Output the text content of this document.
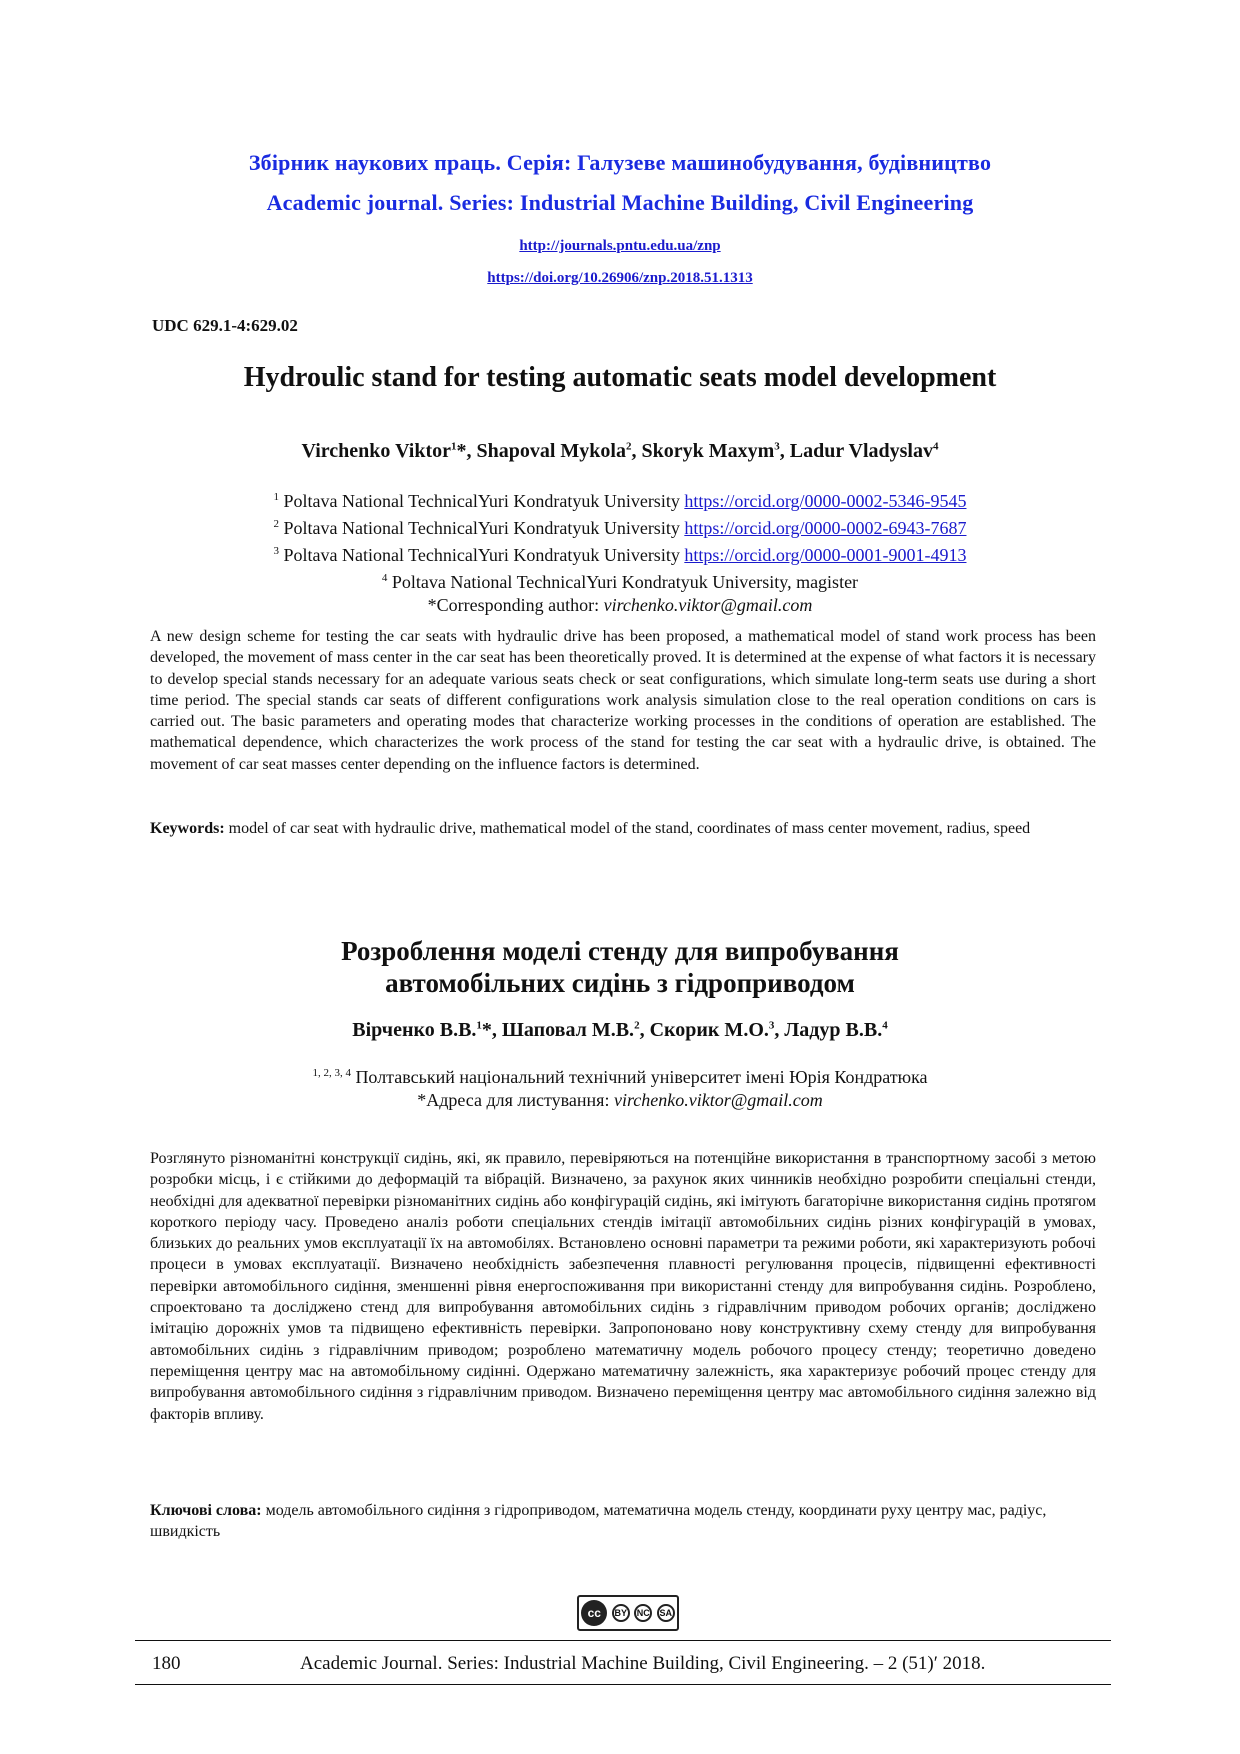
Збірник наукових праць. Серія: Галузеве машинобудування, будівництво
Academic journal. Series: Industrial Machine Building, Civil Engineering
http://journals.pntu.edu.ua/znp
https://doi.org/10.26906/znp.2018.51.1313
UDC 629.1-4:629.02
Hydroulic stand for testing automatic seats model development
Virchenko Viktor$^1$*, Shapoval Mykola$^2$, Skoryk Maxym$^3$, Ladur Vladyslav$^4$
$^1$ Poltava National TechnicalYuri Kondratyuk University https://orcid.org/0000-0002-5346-9545
$^2$ Poltava National TechnicalYuri Kondratyuk University https://orcid.org/0000-0002-6943-7687
$^3$ Poltava National TechnicalYuri Kondratyuk University https://orcid.org/0000-0001-9001-4913
$^4$ Poltava National TechnicalYuri Kondratyuk University, magister
*Corresponding author: virchenko.viktor@gmail.com
A new design scheme for testing the car seats with hydraulic drive has been proposed, a mathematical model of stand work process has been developed, the movement of mass center in the car seat has been theoretically proved. It is determined at the expense of what factors it is necessary to develop special stands necessary for an adequate various seats check or seat configurations, which simulate long-term seats use during a short time period. The special stands car seats of different configurations work analysis simulation close to the real operation conditions on cars is carried out. The basic parameters and operating modes that characterize working processes in the conditions of operation are established. The mathematical dependence, which characterizes the work process of the stand for testing the car seat with a hydraulic drive, is obtained. The movement of car seat masses center depending on the influence factors is determined.
Keywords: model of car seat with hydraulic drive, mathematical model of the stand, coordinates of mass center movement, radius, speed
Розроблення моделі стенду для випробування
автомобільних сидінь з гідроприводом
Вірченко В.В.$^1$*, Шаповал М.В.$^2$, Скорик М.О.$^3$, Ладур В.В.$^4$
$^{1, 2, 3, 4}$ Полтавський національний технічний університет імені Юрія Кондратюка
*Адреса для листування: virchenko.viktor@gmail.com
Розглянуто різноманітні конструкції сидінь, які, як правило, перевіряються на потенційне використання в транспортному засобі з метою розробки місць, і є стійкими до деформацій та вібрацій. Визначено, за рахунок яких чинників необхідно розробити спеціальні стенди, необхідні для адекватної перевірки різноманітних сидінь або конфігурацій сидінь, які імітують багаторічне використання сидінь протягом короткого періоду часу. Проведено аналіз роботи спеціальних стендів імітації автомобільних сидінь різних конфігурацій в умовах, близьких до реальних умов експлуатації їх на автомобілях. Встановлено основні параметри та режими роботи, які характеризують робочі процеси в умовах експлуатації. Визначено необхідність забезпечення плавності регулювання процесів, підвищенні ефективності перевірки автомобільного сидіння, зменшенні рівня енергоспоживання при використанні стенду для випробування сидінь. Розроблено, спроектовано та досліджено стенд для випробування автомобільних сидінь з гідравлічним приводом робочих органів; досліджено імітацію дорожніх умов та підвищено ефективність перевірки. Запропоновано нову конструктивну схему стенду для випробування автомобільних сидінь з гідравлічним приводом; розроблено математичну модель робочого процесу стенду; теоретично доведено переміщення центру мас на автомобільному сидінні. Одержано математичну залежність, яка характеризує робочий процес стенду для випробування автомобільного сидіння з гідравлічним приводом. Визначено переміщення центру мас автомобільного сидіння залежно від факторів впливу.
Ключові слова: модель автомобільного сидіння з гідроприводом, математична модель стенду, координати руху центру мас, радіус, швидкість
cc	BY	NC	SA
180	Academic Journal. Series: Industrial Machine Building, Civil Engineering. – 2 (51)′ 2018.
